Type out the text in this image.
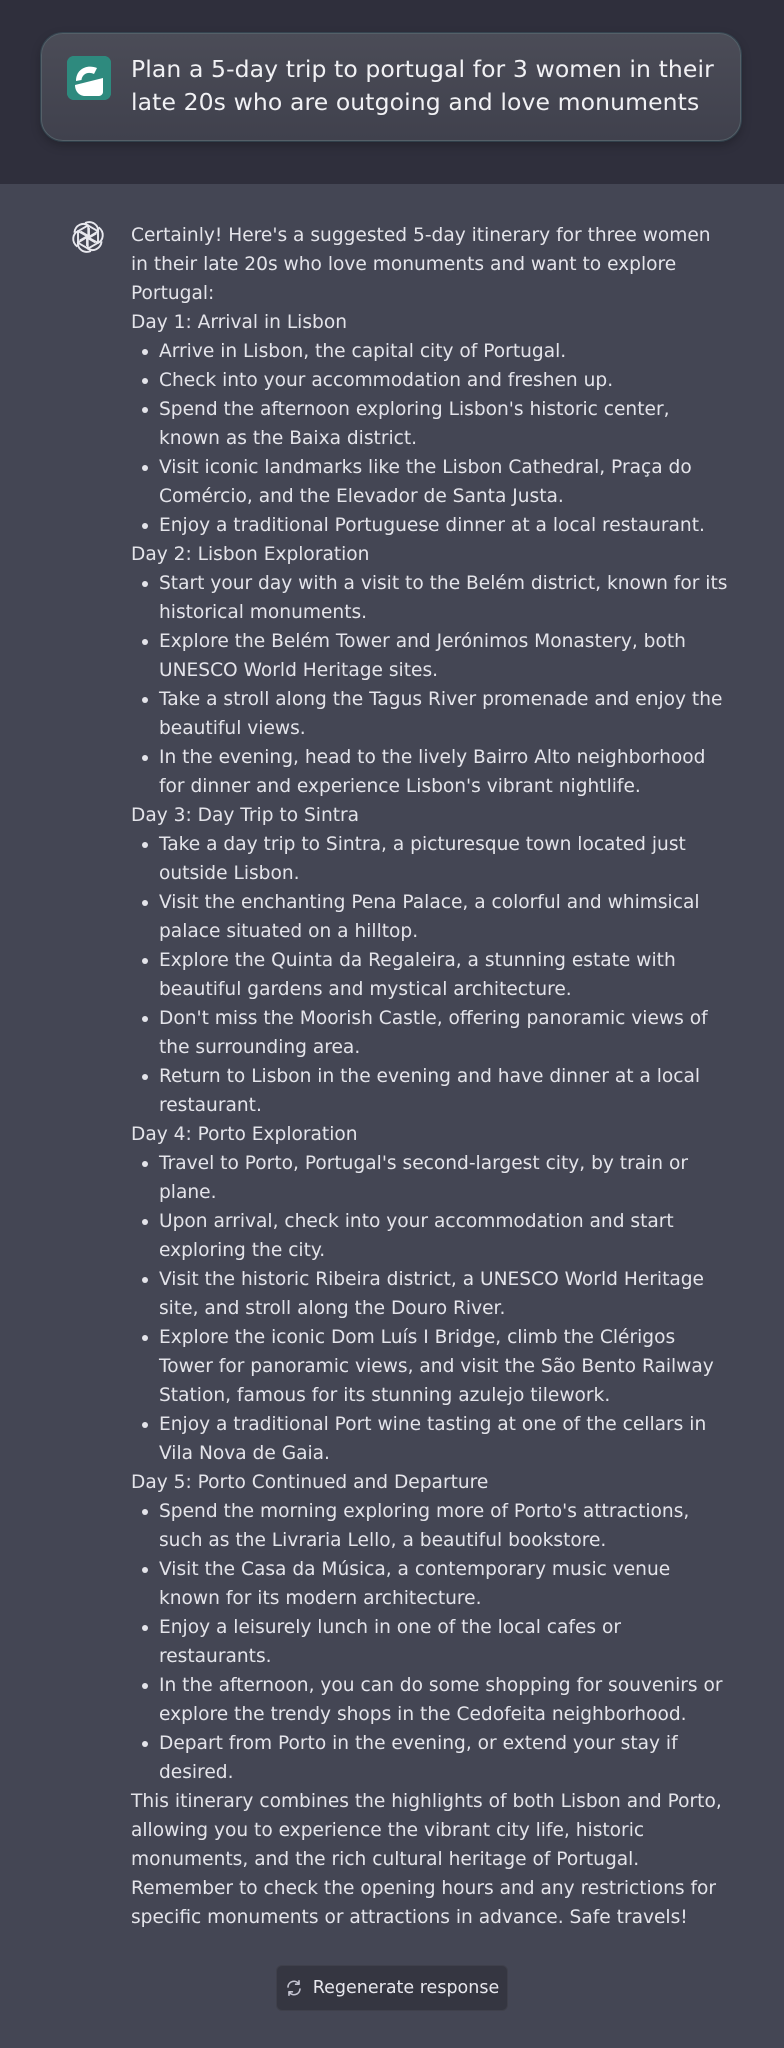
Plan a 5-day trip to portugal for 3 women in their late 20s who are outgoing and love monuments

Certainly! Here's a suggested 5-day itinerary for three women in their late 20s who love monuments and want to explore Portugal:

Day 1: Arrival in Lisbon

Arrive in Lisbon, the capital city of Portugal.
Check into your accommodation and freshen up.
Spend the afternoon exploring Lisbon's historic center, known as the Baixa district.
Visit iconic landmarks like the Lisbon Cathedral, Praça do Comércio, and the Elevador de Santa Justa.
Enjoy a traditional Portuguese dinner at a local restaurant.

Day 2: Lisbon Exploration

Start your day with a visit to the Belém district, known for its historical monuments.
Explore the Belém Tower and Jerónimos Monastery, both UNESCO World Heritage sites.
Take a stroll along the Tagus River promenade and enjoy the beautiful views.
In the evening, head to the lively Bairro Alto neighborhood for dinner and experience Lisbon's vibrant nightlife.

Day 3: Day Trip to Sintra

Take a day trip to Sintra, a picturesque town located just outside Lisbon.
Visit the enchanting Pena Palace, a colorful and whimsical palace situated on a hilltop.
Explore the Quinta da Regaleira, a stunning estate with beautiful gardens and mystical architecture.
Don't miss the Moorish Castle, offering panoramic views of the surrounding area.
Return to Lisbon in the evening and have dinner at a local restaurant.

Day 4: Porto Exploration

Travel to Porto, Portugal's second-largest city, by train or plane.
Upon arrival, check into your accommodation and start exploring the city.
Visit the historic Ribeira district, a UNESCO World Heritage site, and stroll along the Douro River.
Explore the iconic Dom Luís I Bridge, climb the Clérigos Tower for panoramic views, and visit the São Bento Railway Station, famous for its stunning azulejo tilework.
Enjoy a traditional Port wine tasting at one of the cellars in Vila Nova de Gaia.

Day 5: Porto Continued and Departure

Spend the morning exploring more of Porto's attractions, such as the Livraria Lello, a beautiful bookstore.
Visit the Casa da Música, a contemporary music venue known for its modern architecture.
Enjoy a leisurely lunch in one of the local cafes or restaurants.
In the afternoon, you can do some shopping for souvenirs or explore the trendy shops in the Cedofeita neighborhood.
Depart from Porto in the evening, or extend your stay if desired.

This itinerary combines the highlights of both Lisbon and Porto, allowing you to experience the vibrant city life, historic monuments, and the rich cultural heritage of Portugal. Remember to check the opening hours and any restrictions for specific monuments or attractions in advance. Safe travels!

Regenerate response
